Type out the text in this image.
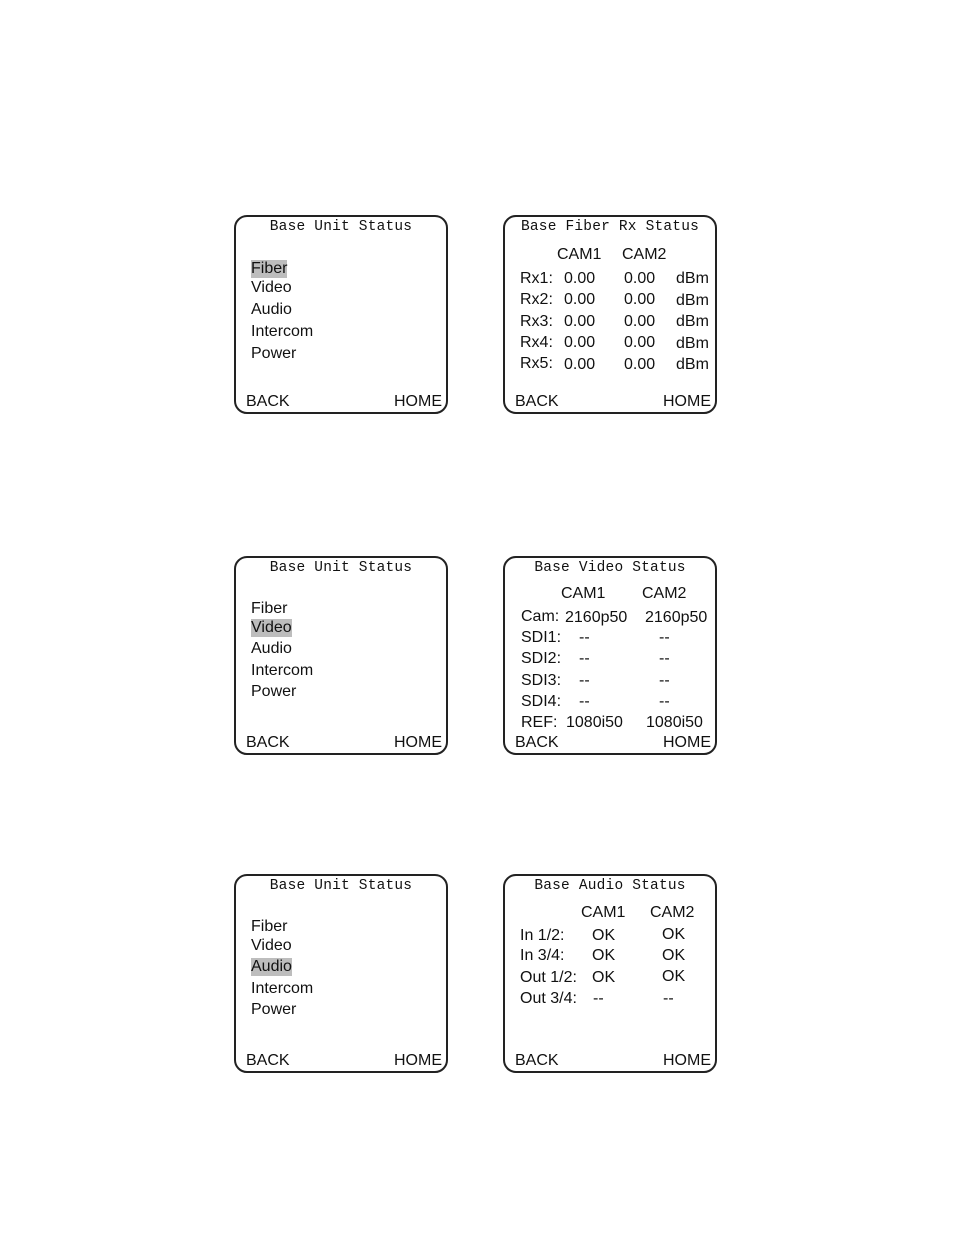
Base Unit Status
Fiber
Video
Audio
Intercom
Power
BACK	HOME
Base Fiber Rx Status
CAM1 CAM2
Rx1: 0.00 0.00 dBm
Rx2: 0.00 0.00 dBm
Rx3: 0.00 0.00 dBm
Rx4: 0.00 0.00 dBm
Rx5: 0.00 0.00 dBm
BACK	HOME
Base Unit Status
Fiber
Video
Audio
Intercom
Power
BACK	HOME
Base Video Status
CAM1 CAM2
Cam: 2160p50 2160p50
SDI1: --	--
SDI2: --	--
SDI3: --	--
SDI4: --	--
REF: 1080i50 1080i50
BACK	HOME
Base Unit Status
Fiber
Video
Audio
Intercom
Power
BACK	HOME
Base Audio Status
CAM1 CAM2
In 1/2: OK	OK
In 3/4: OK	OK
Out 1/2: OK	OK
Out 3/4: --	--
BACK	HOME
